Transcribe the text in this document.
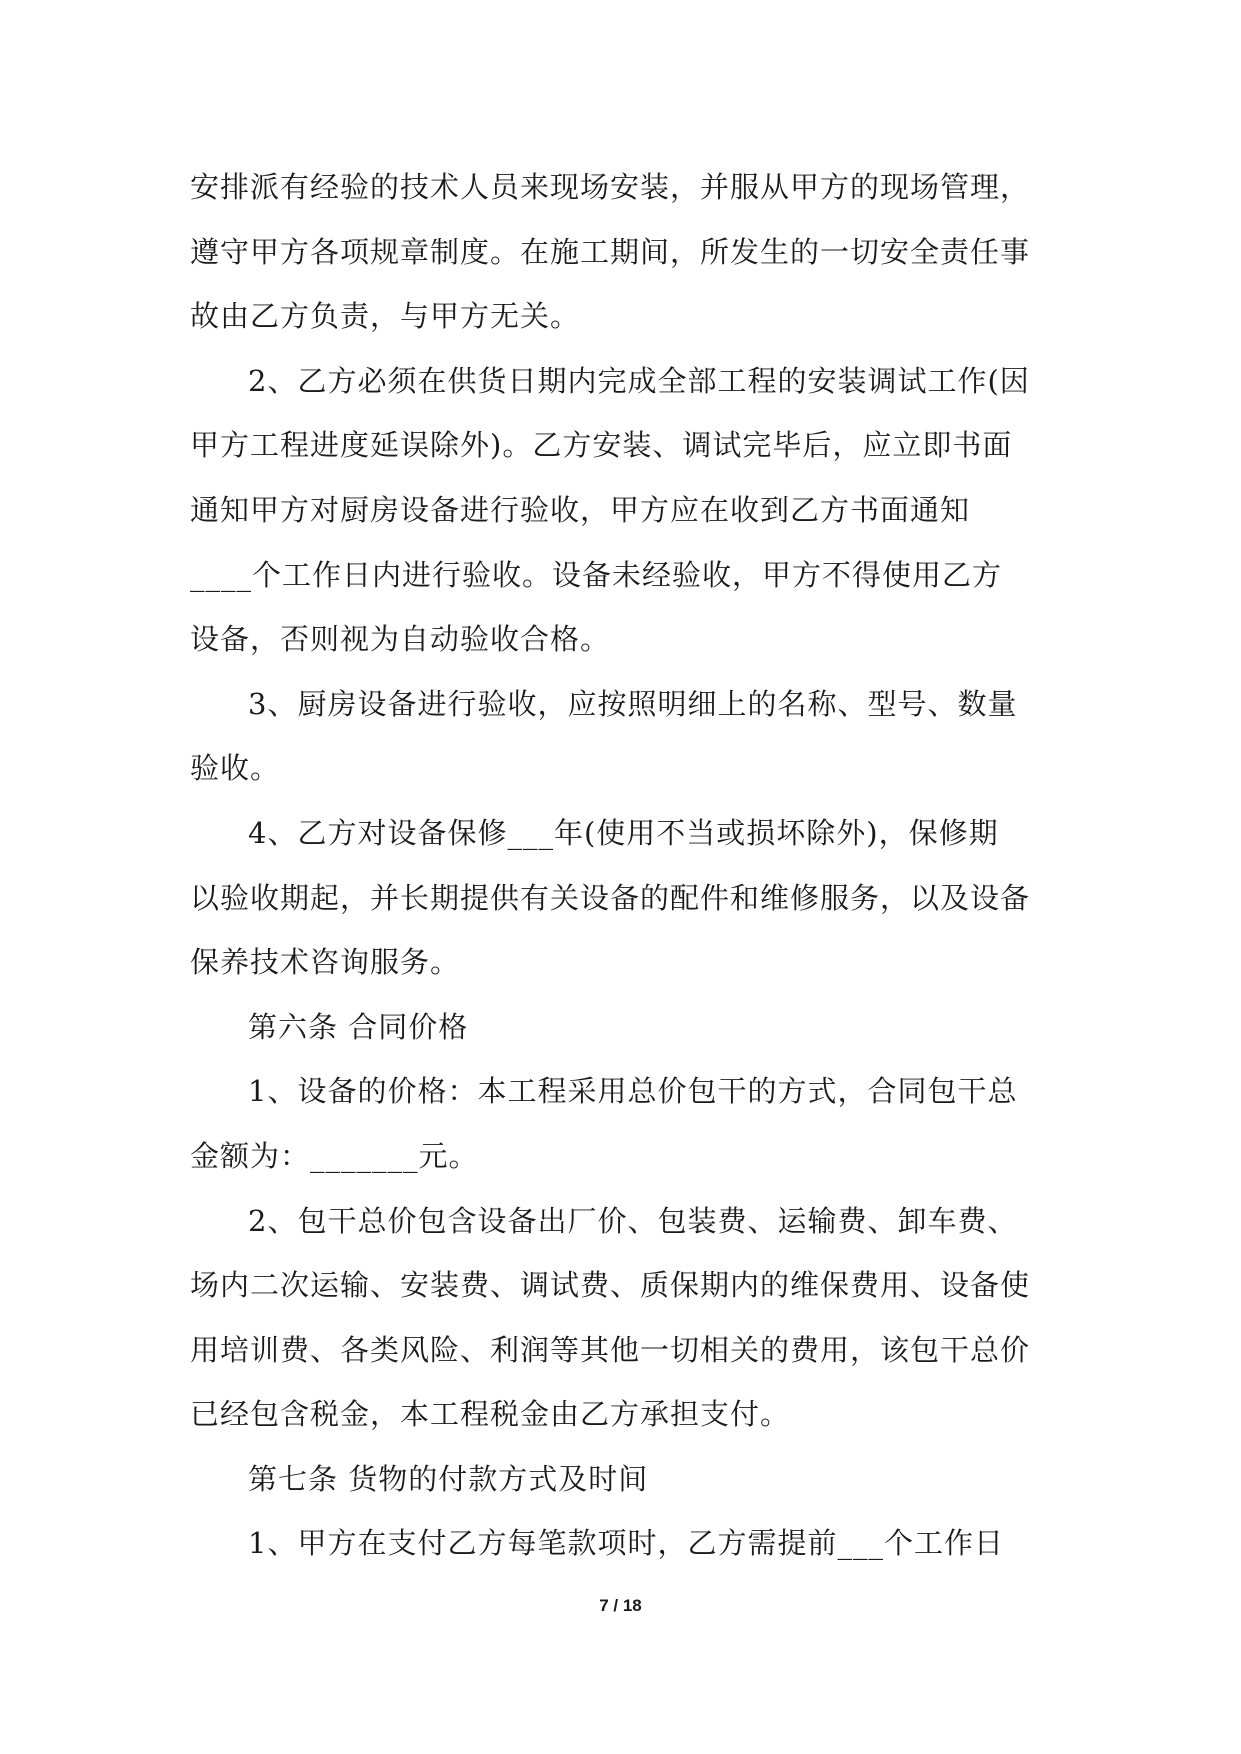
安排派有经验的技术人员来现场安装，并服从甲方的现场管理，
遵守甲方各项规章制度。在施工期间，所发生的一切安全责任事
故由乙方负责，与甲方无关。
2、乙方必须在供货日期内完成全部工程的安装调试工作(因
甲方工程进度延误除外)。乙方安装、调试完毕后，应立即书面
通知甲方对厨房设备进行验收，甲方应在收到乙方书面通知
____个工作日内进行验收。设备未经验收，甲方不得使用乙方
设备，否则视为自动验收合格。
3、厨房设备进行验收，应按照明细上的名称、型号、数量
验收。
4、乙方对设备保修___年(使用不当或损坏除外)，保修期
以验收期起，并长期提供有关设备的配件和维修服务，以及设备
保养技术咨询服务。
第六条 合同价格
1、设备的价格：本工程采用总价包干的方式，合同包干总
金额为：_______元。
2、包干总价包含设备出厂价、包装费、运输费、卸车费、
场内二次运输、安装费、调试费、质保期内的维保费用、设备使
用培训费、各类风险、利润等其他一切相关的费用，该包干总价
已经包含税金，本工程税金由乙方承担支付。
第七条 货物的付款方式及时间
1、甲方在支付乙方每笔款项时，乙方需提前___个工作日
7 / 18
